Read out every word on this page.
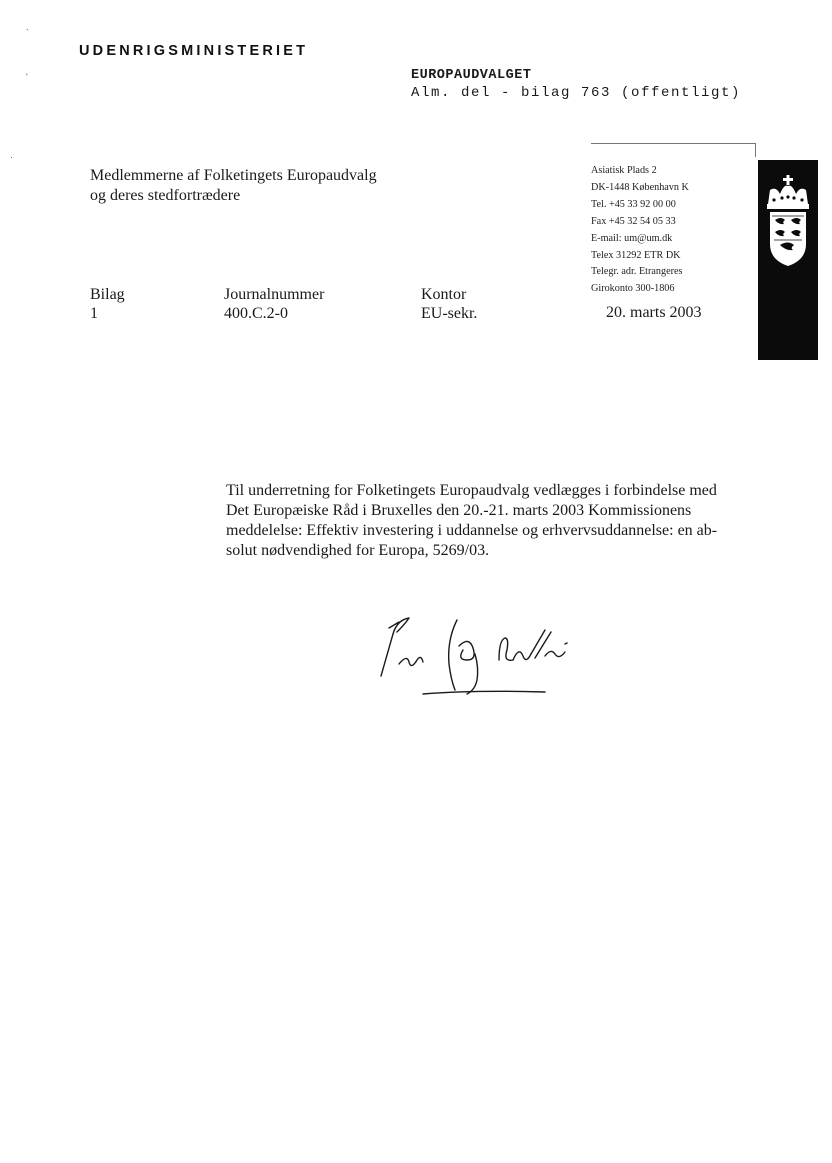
UDENRIGSMINISTERIET
EUROPAUDVALGET
Alm. del - bilag 763 (offentligt)
Medlemmerne af Folketingets Europaudvalg
og deres stedfortrædere
Asiatisk Plads 2
DK-1448 København K
Tel. +45 33 92 00 00
Fax +45 32 54 05 33
E-mail: um@um.dk
Telex 31292 ETR DK
Telegr. adr. Etrangeres
Girokonto 300-1806
Bilag
1
Journalnummer
400.C.2-0
Kontor
EU-sekr.	20. marts 2003
Til underretning for Folketingets Europaudvalg vedlægges i forbindelse med
Det Europæiske Råd i Bruxelles den 20.-21. marts 2003 Kommissionens
meddelelse: Effektiv investering i uddannelse og erhvervsuddannelse: en ab-
solut nødvendighed for Europa, 5269/03.
`
'
·
